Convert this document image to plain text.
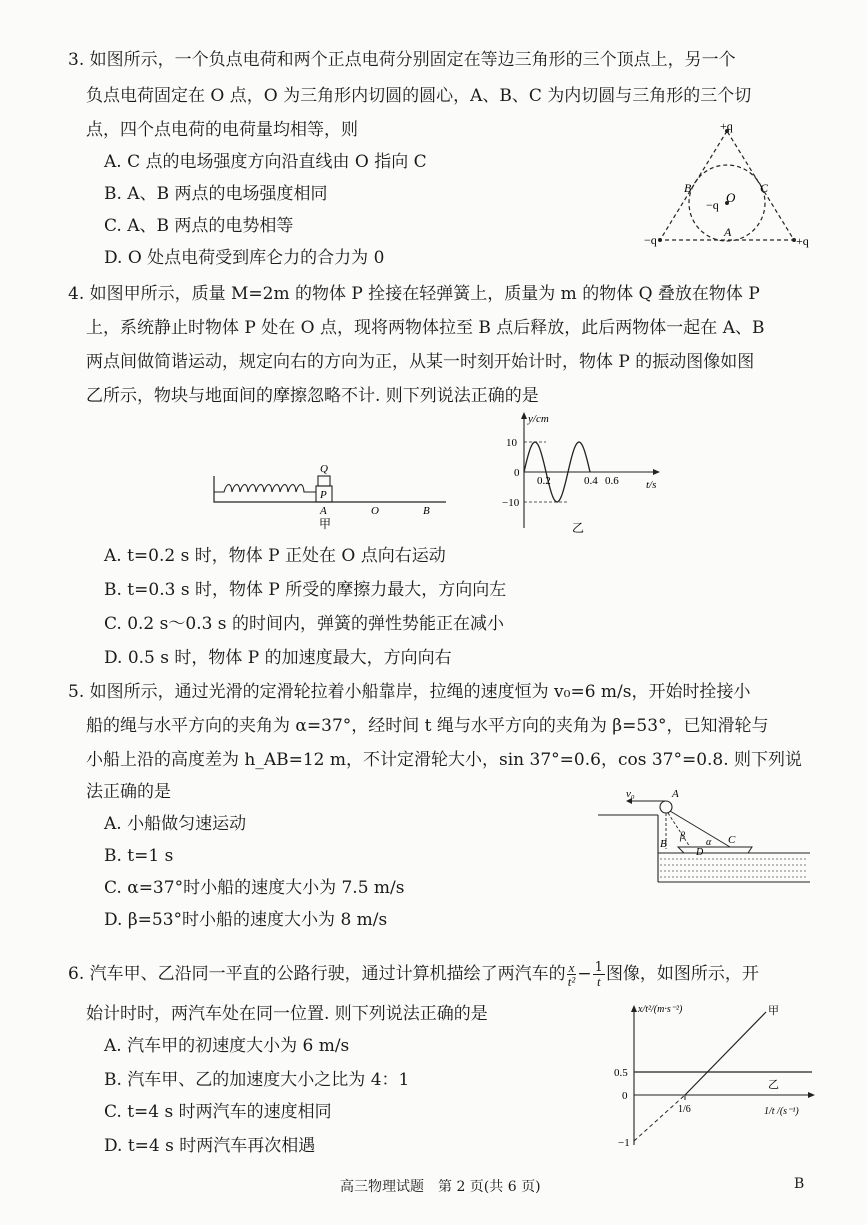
3. 如图所示，一个负点电荷和两个正点电荷分别固定在等边三角形的三个顶点上，另一个
负点电荷固定在 O 点，O 为三角形内切圆的圆心，A、B、C 为内切圆与三角形的三个切
点，四个点电荷的电荷量均相等，则
A. C 点的电场强度方向沿直线由 O 指向 C
B. A、B 两点的电场强度相同
C. A、B 两点的电势相等
D. O 处点电荷受到库仑力的合力为 0
+q
−q	+q
−q O
A
B	C
4. 如图甲所示，质量 M=2m 的物体 P 拴接在轻弹簧上，质量为 m 的物体 Q 叠放在物体 P
上，系统静止时物体 P 处在 O 点，现将两物体拉至 B 点后释放，此后两物体一起在 A、B
两点间做简谐运动，规定向右的方向为正，从某一时刻开始计时，物体 P 的振动图像如图
乙所示，物块与地面间的摩擦忽略不计. 则下列说法正确的是
Q
P
A	O	B
甲
y/cm
t/s
10
0
−10
0.2	0.4 0.6
乙
A. t=0.2 s 时，物体 P 正处在 O 点向右运动
B. t=0.3 s 时，物体 P 所受的摩擦力最大，方向向左
C. 0.2 s～0.3 s 的时间内，弹簧的弹性势能正在减小
D. 0.5 s 时，物体 P 的加速度最大，方向向右
5. 如图所示，通过光滑的定滑轮拉着小船靠岸，拉绳的速度恒为 v₀=6 m/s，开始时拴接小
船的绳与水平方向的夹角为 α=37°，经时间 t 绳与水平方向的夹角为 β=53°，已知滑轮与
小船上沿的高度差为 h_AB=12 m，不计定滑轮大小，sin 37°=0.6，cos 37°=0.8. 则下列说
法正确的是
A. 小船做匀速运动
B. t=1 s
C. α=37°时小船的速度大小为 7.5 m/s
D. β=53°时小船的速度大小为 8 m/s
v₀	A
B
β
α C
D
6. 汽车甲、乙沿同一平直的公路行驶，通过计算机描绘了两汽车的 $\frac{x}{\text{t²}} - \frac{1}{t}$ 图像，如图所示，开
始计时时，两汽车处在同一位置. 则下列说法正确的是
A. 汽车甲的初速度大小为 6 m/s
B. 汽车甲、乙的加速度大小之比为 4：1
C. t=4 s 时两汽车的速度相同
D. t=4 s 时两汽车再次相遇
x/t²/(m·s⁻²)
1/t /(s⁻¹)
甲
乙
0.5
0
−1
1/6
高三物理试题　第 2 页(共 6 页)	B
